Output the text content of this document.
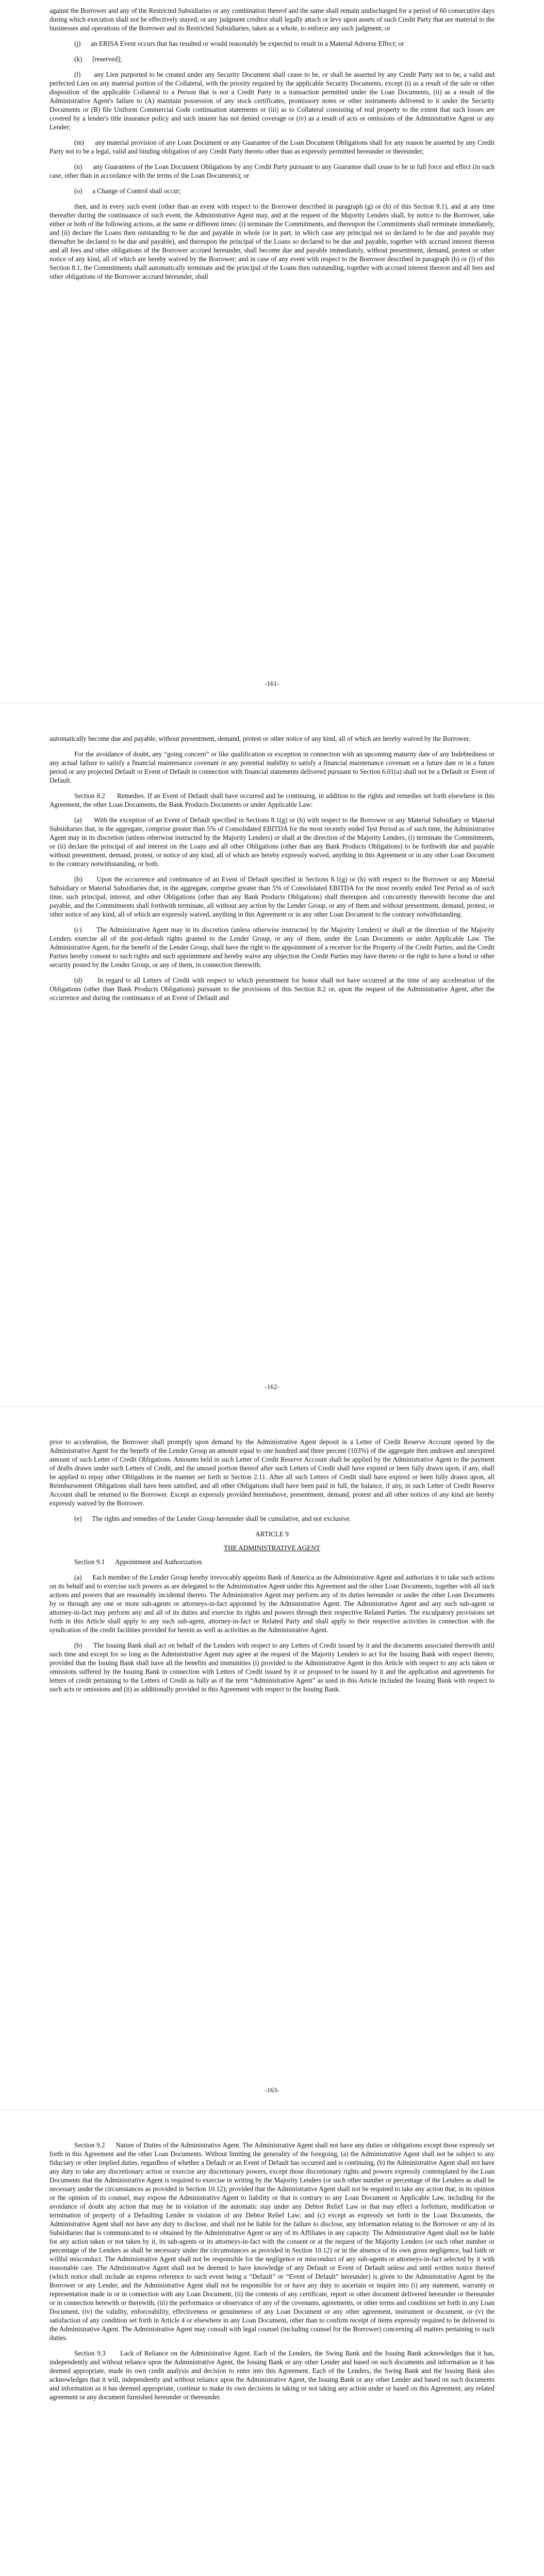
against the Borrower and any of the Restricted Subsidiaries or any combination thereof and the same shall remain undischarged for a period of 60 consecutive days during which execution shall not be effectively stayed, or any judgment creditor shall legally attach or levy upon assets of such Credit Party that are material to the businesses and operations of the Borrower and its Restricted Subsidiaries, taken as a whole, to enforce any such judgment; or

(j)      an ERISA Event occurs that has resulted or would reasonably be expected to result in a Material Adverse Effect; or

(k)      [reserved];

(l)      any Lien purported to be created under any Security Document shall cease to be, or shall be asserted by any Credit Party not to be, a valid and perfected Lien on any material portion of the Collateral, with the priority required by the applicable Security Documents, except (i) as a result of the sale or other disposition of the applicable Collateral to a Person that is not a Credit Party in a transaction permitted under the Loan Documents, (ii) as a result of the Administrative Agent's failure to (A) maintain possession of any stock certificates, promissory notes or other instruments delivered to it under the Security Documents or (B) file Uniform Commercial Code continuation statements or (iii) as to Collateral consisting of real property to the extent that such losses are covered by a lender's title insurance policy and such insurer has not denied coverage or (iv) as a result of acts or omissions of the Administrative Agent or any Lender;

(m)      any material provision of any Loan Document or any Guarantee of the Loan Document Obligations shall for any reason be asserted by any Credit Party not to be a legal, valid and binding obligation of any Credit Party thereto other than as expressly permitted hereunder or thereunder;

(n)      any Guarantees of the Loan Document Obligations by any Credit Party pursuant to any Guarantee shall cease to be in full force and effect (in each case, other than in accordance with the terms of the Loan Documents); or

(o)      a Change of Control shall occur;

then, and in every such event (other than an event with respect to the Borrower described in paragraph (g) or (h) of this Section 8.1), and at any time thereafter during the continuance of such event, the Administrative Agent may, and at the request of the Majority Lenders shall, by notice to the Borrower, take either or both of the following actions, at the same or different times: (i) terminate the Commitments, and thereupon the Commitments shall terminate immediately, and (ii) declare the Loans then outstanding to be due and payable in whole (or in part, in which case any principal not so declared to be due and payable may thereafter be declared to be due and payable), and thereupon the principal of the Loans so declared to be due and payable, together with accrued interest thereon and all fees and other obligations of the Borrower accrued hereunder, shall become due and payable immediately, without presentment, demand, protest or other notice of any kind, all of which are hereby waived by the Borrower; and in case of any event with respect to the Borrower described in paragraph (h) or (i) of this Section 8.1, the Commitments shall automatically terminate and the principal of the Loans then outstanding, together with accrued interest thereon and all fees and other obligations of the Borrower accrued hereunder, shall

-161-

automatically become due and payable, without presentment, demand, protest or other notice of any kind, all of which are hereby waived by the Borrower.

For the avoidance of doubt, any “going concern” or like qualification or exception in connection with an upcoming maturity date of any Indebtedness or any actual failure to satisfy a financial maintenance covenant or any potential inability to satisfy a financial maintenance covenant on a future date or in a future period or any projected Default or Event of Default in connection with financial statements delivered pursuant to Section 6.01(a) shall not be a Default or Event of Default.

Section 8.2      Remedies. If an Event of Default shall have occurred and be continuing, in addition to the rights and remedies set forth elsewhere in this Agreement, the other Loan Documents, the Bank Products Documents or under Applicable Law:

(a)      With the exception of an Event of Default specified in Sections 8.1(g) or (h) with respect to the Borrower or any Material Subsidiary or Material Subsidiaries that, in the aggregate, comprise greater than 5% of Consolidated EBITDA for the most recently ended Test Period as of such time, the Administrative Agent may in its discretion (unless otherwise instructed by the Majority Lenders) or shall at the direction of the Majority Lenders, (i) terminate the Commitments, or (ii) declare the principal of and interest on the Loans and all other Obligations (other than any Bank Products Obligations) to be forthwith due and payable without presentment, demand, protest, or notice of any kind, all of which are hereby expressly waived, anything in this Agreement or in any other Loan Document to the contrary notwithstanding, or both.

(b)      Upon the occurrence and continuance of an Event of Default specified in Sections 8.1(g) or (h) with respect to the Borrower or any Material Subsidiary or Material Subsidiaries that, in the aggregate, comprise greater than 5% of Consolidated EBITDA for the most recently ended Test Period as of such time, such principal, interest, and other Obligations (other than any Bank Products Obligations) shall thereupon and concurrently therewith become due and payable, and the Commitments shall forthwith terminate, all without any action by the Lender Group, or any of them and without presentment, demand, protest, or other notice of any kind, all of which are expressly waived, anything in this Agreement or in any other Loan Document to the contrary notwithstanding.

(c)      The Administrative Agent may in its discretion (unless otherwise instructed by the Majority Lenders) or shall at the direction of the Majority Lenders exercise all of the post-default rights granted to the Lender Group, or any of them, under the Loan Documents or under Applicable Law. The Administrative Agent, for the benefit of the Lender Group, shall have the right to the appointment of a receiver for the Property of the Credit Parties, and the Credit Parties hereby consent to such rights and such appointment and hereby waive any objection the Credit Parties may have thereto or the right to have a bond or other security posted by the Lender Group, or any of them, in connection therewith.

(d)      In regard to all Letters of Credit with respect to which presentment for honor shall not have occurred at the time of any acceleration of the Obligations (other than Bank Products Obligations) pursuant to the provisions of this Section 8.2 or, upon the request of the Administrative Agent, after the occurrence and during the continuance of an Event of Default and

-162-

prior to acceleration, the Borrower shall promptly upon demand by the Administrative Agent deposit in a Letter of Credit Reserve Account opened by the Administrative Agent for the benefit of the Lender Group an amount equal to one hundred and three percent (103%) of the aggregate then undrawn and unexpired amount of such Letter of Credit Obligations. Amounts held in such Letter of Credit Reserve Account shall be applied by the Administrative Agent to the payment of drafts drawn under such Letters of Credit, and the unused portion thereof after such Letters of Credit shall have expired or been fully drawn upon, if any, shall be applied to repay other Obligations in the manner set forth in Section 2.11. After all such Letters of Credit shall have expired or been fully drawn upon, all Reimbursement Obligations shall have been satisfied, and all other Obligations shall have been paid in full, the balance, if any, in such Letter of Credit Reserve Account shall be returned to the Borrower. Except as expressly provided hereinabove, presentment, demand, protest and all other notices of any kind are hereby expressly waived by the Borrower.

(e)      The rights and remedies of the Lender Group hereunder shall be cumulative, and not exclusive.

ARTICLE 9

THE ADMINISTRATIVE AGENT

Section 9.1      Appointment and Authorization.

(a)      Each member of the Lender Group hereby irrevocably appoints Bank of America as the Administrative Agent and authorizes it to take such actions on its behalf and to exercise such powers as are delegated to the Administrative Agent under this Agreement and the other Loan Documents, together with all such actions and powers that are reasonably incidental thereto. The Administrative Agent may perform any of its duties hereunder or under the other Loan Documents by or through any one or more sub-agents or attorneys-in-fact appointed by the Administrative Agent. The Administrative Agent and any such sub-agent or attorney-in-fact may perform any and all of its duties and exercise its rights and powers through their respective Related Parties. The exculpatory provisions set forth in this Article shall apply to any such sub-agent, attorney-in-fact or Related Party and shall apply to their respective activities in connection with the syndication of the credit facilities provided for herein as well as activities as the Administrative Agent.

(b)      The Issuing Bank shall act on behalf of the Lenders with respect to any Letters of Credit issued by it and the documents associated therewith until such time and except for so long as the Administrative Agent may agree at the request of the Majority Lenders to act for the Issuing Bank with respect thereto; provided that the Issuing Bank shall have all the benefits and immunities (i) provided to the Administrative Agent in this Article with respect to any acts taken or omissions suffered by the Issuing Bank in connection with Letters of Credit issued by it or proposed to be issued by it and the application and agreements for letters of credit pertaining to the Letters of Credit as fully as if the term “Administrative Agent” as used in this Article included the Issuing Bank with respect to such acts or omissions and (ii) as additionally provided in this Agreement with respect to the Issuing Bank.

-163-

Section 9.2      Nature of Duties of the Administrative Agent. The Administrative Agent shall not have any duties or obligations except those expressly set forth in this Agreement and the other Loan Documents. Without limiting the generality of the foregoing, (a) the Administrative Agent shall not be subject to any fiduciary or other implied duties, regardless of whether a Default or an Event of Default has occurred and is continuing, (b) the Administrative Agent shall not have any duty to take any discretionary action or exercise any discretionary powers, except those discretionary rights and powers expressly contemplated by the Loan Documents that the Administrative Agent is required to exercise in writing by the Majority Lenders (or such other number or percentage of the Lenders as shall be necessary under the circumstances as provided in Section 10.12); provided that the Administrative Agent shall not be required to take any action that, in its opinion or the opinion of its counsel, may expose the Administrative Agent to liability or that is contrary to any Loan Document or Applicable Law, including for the avoidance of doubt any action that may be in violation of the automatic stay under any Debtor Relief Law or that may effect a forfeiture, modification or termination of property of a Defaulting Lender in violation of any Debtor Relief Law; and (c) except as expressly set forth in the Loan Documents, the Administrative Agent shall not have any duty to disclose, and shall not be liable for the failure to disclose, any information relating to the Borrower or any of its Subsidiaries that is communicated to or obtained by the Administrative Agent or any of its Affiliates in any capacity. The Administrative Agent shall not be liable for any action taken or not taken by it, its sub-agents or its attorneys-in-fact with the consent or at the request of the Majority Lenders (or such other number or percentage of the Lenders as shall be necessary under the circumstances as provided in Section 10.12) or in the absence of its own gross negligence, bad faith or willful misconduct. The Administrative Agent shall not be responsible for the negligence or misconduct of any sub-agents or attorneys-in-fact selected by it with reasonable care. The Administrative Agent shall not be deemed to have knowledge of any Default or Event of Default unless and until written notice thereof (which notice shall include an express reference to such event being a “Default” or “Event of Default” hereunder) is given to the Administrative Agent by the Borrower or any Lender, and the Administrative Agent shall not be responsible for or have any duty to ascertain or inquire into (i) any statement, warranty or representation made in or in connection with any Loan Document, (ii) the contents of any certificate, report or other document delivered hereunder or thereunder or in connection herewith or therewith, (iii) the performance or observance of any of the covenants, agreements, or other terms and conditions set forth in any Loan Document, (iv) the validity, enforceability, effectiveness or genuineness of any Loan Document or any other agreement, instrument or document, or (v) the satisfaction of any condition set forth in Article 4 or elsewhere in any Loan Document, other than to confirm receipt of items expressly required to be delivered to the Administrative Agent. The Administrative Agent may consult with legal counsel (including counsel for the Borrower) concerning all matters pertaining to such duties.

Section 9.3      Lack of Reliance on the Administrative Agent. Each of the Lenders, the Swing Bank and the Issuing Bank acknowledges that it has, independently and without reliance upon the Administrative Agent, the Issuing Bank or any other Lender and based on such documents and information as it has deemed appropriate, made its own credit analysis and decision to enter into this Agreement. Each of the Lenders, the Swing Bank and the Issuing Bank also acknowledges that it will, independently and without reliance upon the Administrative Agent, the Issuing Bank or any other Lender and based on such documents and information as it has deemed appropriate, continue to make its own decisions in taking or not taking any action under or based on this Agreement, any related agreement or any document furnished hereunder or thereunder.
